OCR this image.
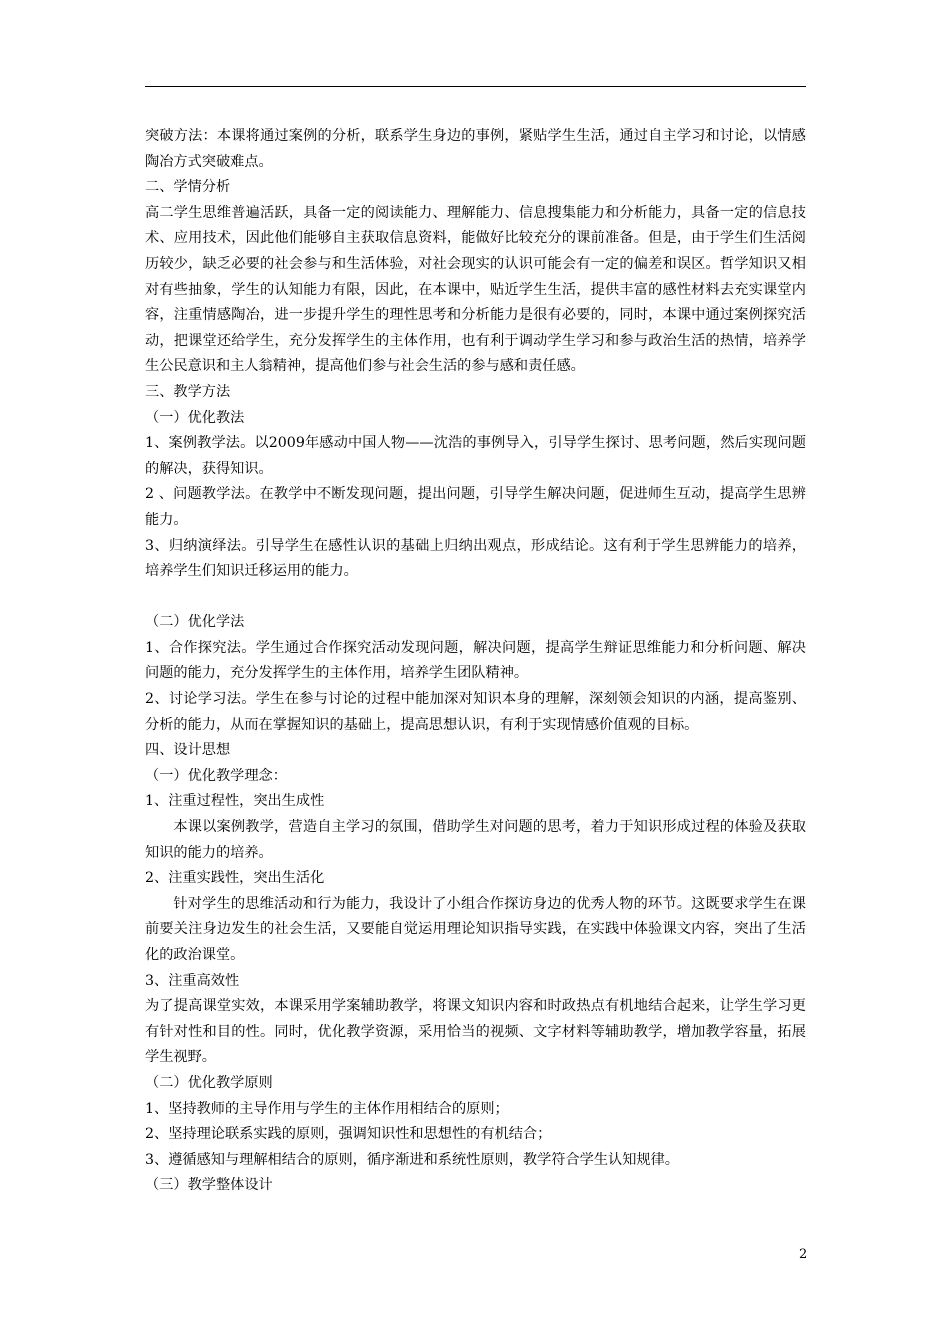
突破方法：本课将通过案例的分析，联系学生身边的事例，紧贴学生生活，通过自主学习和讨论，以情感陶冶方式突破难点。

二、学情分析

高二学生思维普遍活跃，具备一定的阅读能力、理解能力、信息搜集能力和分析能力，具备一定的信息技术、应用技术，因此他们能够自主获取信息资料，能做好比较充分的课前准备。但是，由于学生们生活阅历较少，缺乏必要的社会参与和生活体验，对社会现实的认识可能会有一定的偏差和误区。哲学知识又相对有些抽象，学生的认知能力有限，因此，在本课中，贴近学生生活，提供丰富的感性材料去充实课堂内容，注重情感陶冶，进一步提升学生的理性思考和分析能力是很有必要的，同时，本课中通过案例探究活动，把课堂还给学生，充分发挥学生的主体作用，也有利于调动学生学习和参与政治生活的热情，培养学生公民意识和主人翁精神，提高他们参与社会生活的参与感和责任感。

三、教学方法

（一）优化教法

1、案例教学法。以2009年感动中国人物——沈浩的事例导入，引导学生探讨、思考问题，然后实现问题的解决，获得知识。

2 、问题教学法。在教学中不断发现问题，提出问题，引导学生解决问题，促进师生互动，提高学生思辨能力。

3、归纳演绎法。引导学生在感性认识的基础上归纳出观点，形成结论。这有利于学生思辨能力的培养，培养学生们知识迁移运用的能力。

（二）优化学法

1、合作探究法。学生通过合作探究活动发现问题，解决问题，提高学生辩证思维能力和分析问题、解决问题的能力，充分发挥学生的主体作用，培养学生团队精神。

2、讨论学习法。学生在参与讨论的过程中能加深对知识本身的理解，深刻领会知识的内涵，提高鉴别、分析的能力，从而在掌握知识的基础上，提高思想认识，有利于实现情感价值观的目标。

四、设计思想

（一）优化教学理念：

1、注重过程性，突出生成性

本课以案例教学，营造自主学习的氛围，借助学生对问题的思考，着力于知识形成过程的体验及获取知识的能力的培养。

2、注重实践性，突出生活化

针对学生的思维活动和行为能力，我设计了小组合作探访身边的优秀人物的环节。这既要求学生在课前要关注身边发生的社会生活，又要能自觉运用理论知识指导实践，在实践中体验课文内容，突出了生活化的政治课堂。

3、注重高效性

为了提高课堂实效，本课采用学案辅助教学，将课文知识内容和时政热点有机地结合起来，让学生学习更有针对性和目的性。同时，优化教学资源，采用恰当的视频、文字材料等辅助教学，增加教学容量，拓展学生视野。

（二）优化教学原则

1、坚持教师的主导作用与学生的主体作用相结合的原则；

2、坚持理论联系实践的原则，强调知识性和思想性的有机结合；

3、遵循感知与理解相结合的原则，循序渐进和系统性原则，教学符合学生认知规律。

（三）教学整体设计

2
